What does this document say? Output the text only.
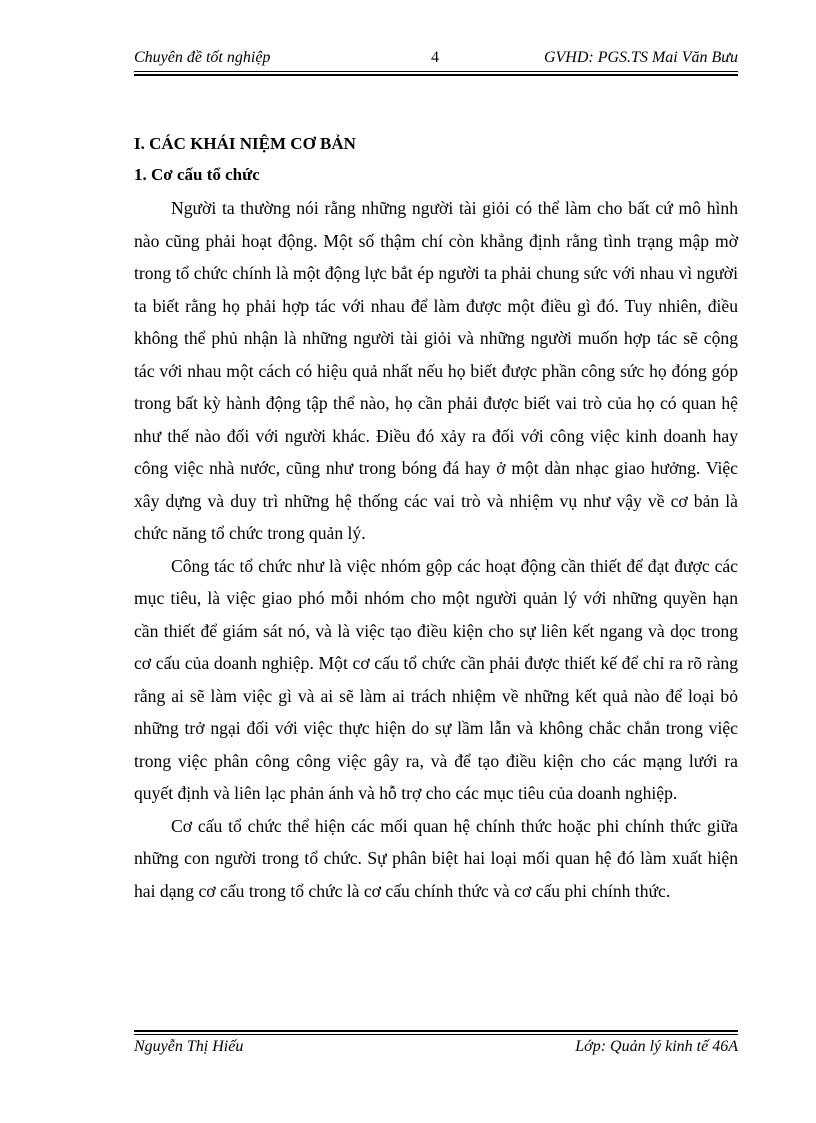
Chuyên đề tốt nghiệp	4	GVHD: PGS.TS Mai Văn Bưu
I. CÁC KHÁI NIỆM CƠ BẢN
1. Cơ cấu tổ chức

Người ta thường nói rằng những người tài giỏi có thể làm cho bất cứ mô hình nào cũng phải hoạt động. Một số thậm chí còn khẳng định rằng tình trạng mập mờ trong tổ chức chính là một động lực bắt ép người ta phải chung sức với nhau vì người ta biết rằng họ phải hợp tác với nhau để làm được một điều gì đó. Tuy nhiên, điều không thể phủ nhận là những người tài giỏi và những người muốn hợp tác sẽ cộng tác với nhau một cách có hiệu quả nhất nếu họ biết được phần công sức họ đóng góp trong bất kỳ hành động tập thể nào, họ cần phải được biết vai trò của họ có quan hệ như thế nào đối với người khác. Điều đó xảy ra đối với công việc kinh doanh hay công việc nhà nước, cũng như trong bóng đá hay ở một dàn nhạc giao hưởng. Việc xây dựng và duy trì những hệ thống các vai trò và nhiệm vụ như vậy về cơ bản là chức năng tổ chức trong quản lý.

Công tác tổ chức như là việc nhóm gộp các hoạt động cần thiết để đạt được các mục tiêu, là việc giao phó mỗi nhóm cho một người quản lý với những quyền hạn cần thiết để giám sát nó, và là việc tạo điều kiện cho sự liên kết ngang và dọc trong cơ cấu của doanh nghiệp. Một cơ cấu tổ chức cần phải được thiết kế để chỉ ra rõ ràng rằng ai sẽ làm việc gì và ai sẽ làm ai trách nhiệm về những kết quả nào để loại bỏ những trở ngại đối với việc thực hiện do sự lầm lẫn và không chắc chắn trong việc trong việc phân công công việc gây ra, và để tạo điều kiện cho các mạng lưới ra quyết định và liên lạc phản ánh và hỗ trợ cho các mục tiêu của doanh nghiệp.

Cơ cấu tổ chức thể hiện các mối quan hệ chính thức hoặc phi chính thức giữa những con người trong tổ chức. Sự phân biệt hai loại mối quan hệ đó làm xuất hiện hai dạng cơ cấu trong tổ chức là cơ cấu chính thức và cơ cấu phi chính thức.

Nguyễn Thị Hiếu	Lớp: Quản lý kinh tế 46A
